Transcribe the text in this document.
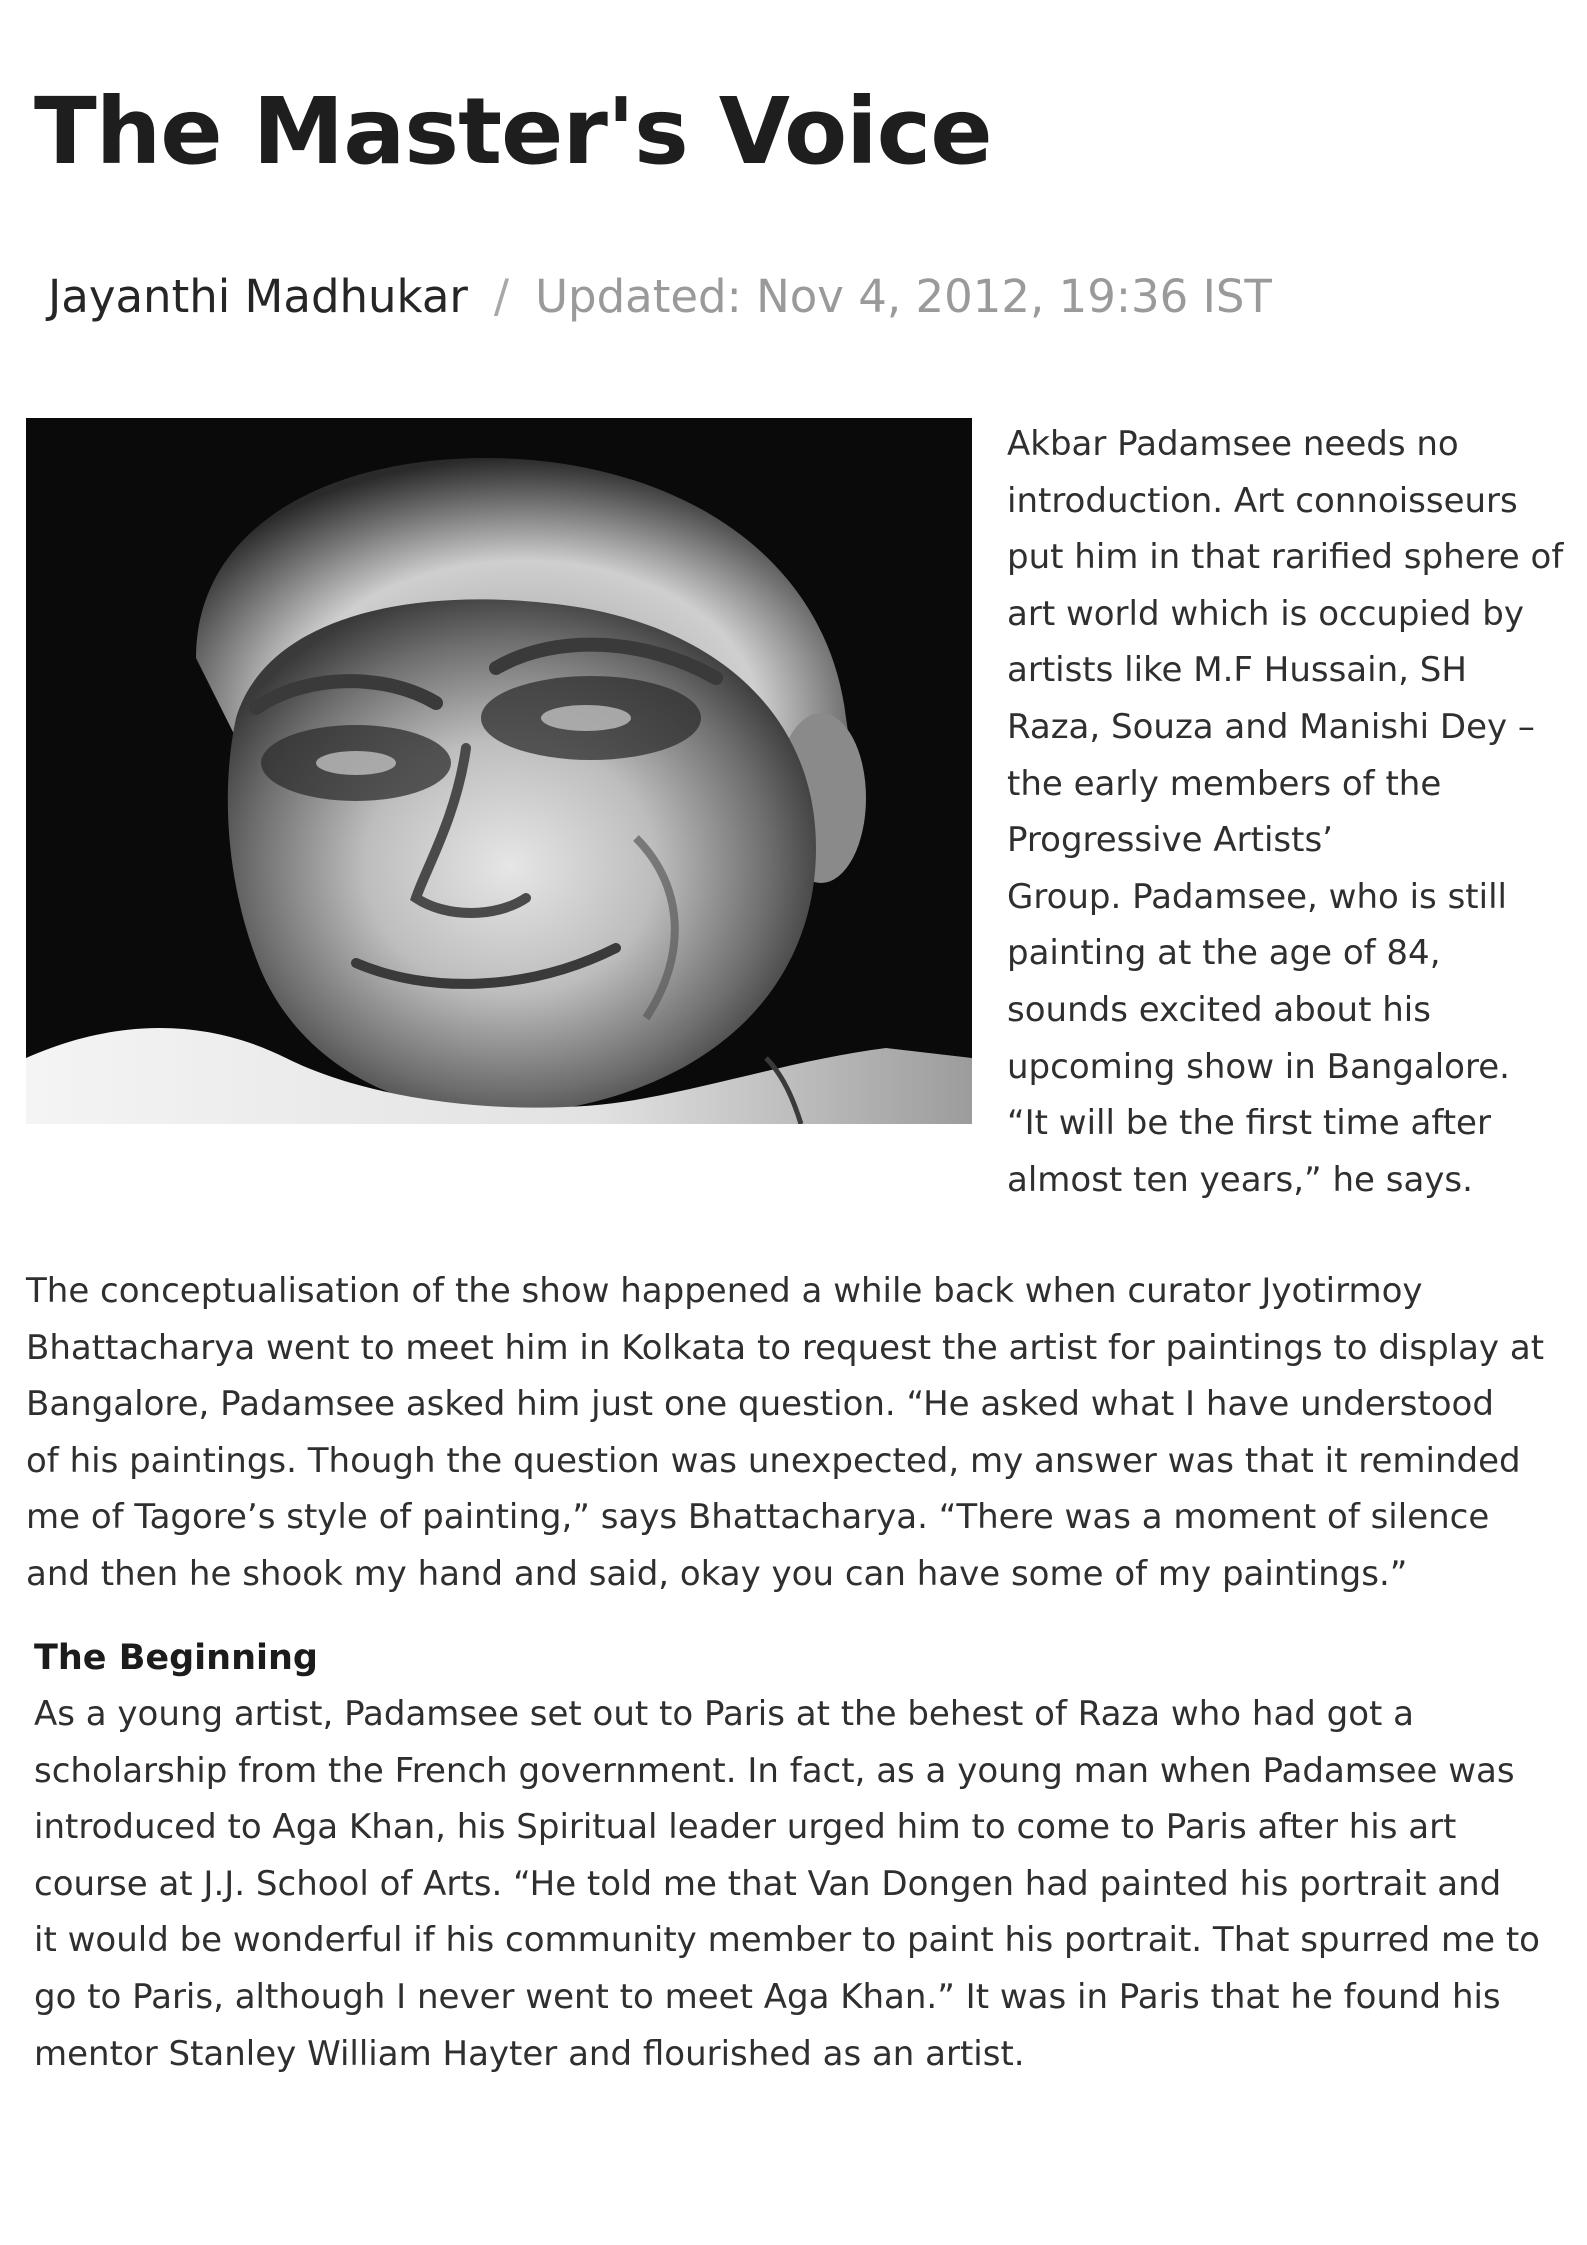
The Master's Voice
Jayanthi Madhukar / Updated: Nov 4, 2012, 19:36 IST

Akbar Padamsee needs no
introduction. Art connoisseurs
put him in that rarified sphere of
art world which is occupied by
artists like M.F Hussain, SH
Raza, Souza and Manishi Dey –
the early members of the
Progressive Artists’
Group. Padamsee, who is still
painting at the age of 84,
sounds excited about his
upcoming show in Bangalore.
“It will be the first time after
almost ten years,” he says.

The conceptualisation of the show happened a while back when curator Jyotirmoy
Bhattacharya went to meet him in Kolkata to request the artist for paintings to display at
Bangalore, Padamsee asked him just one question. “He asked what I have understood
of his paintings. Though the question was unexpected, my answer was that it reminded
me of Tagore’s style of painting,” says Bhattacharya. “There was a moment of silence
and then he shook my hand and said, okay you can have some of my paintings.”

The Beginning

As a young artist, Padamsee set out to Paris at the behest of Raza who had got a
scholarship from the French government. In fact, as a young man when Padamsee was
introduced to Aga Khan, his Spiritual leader urged him to come to Paris after his art
course at J.J. School of Arts. “He told me that Van Dongen had painted his portrait and
it would be wonderful if his community member to paint his portrait. That spurred me to
go to Paris, although I never went to meet Aga Khan.” It was in Paris that he found his
mentor Stanley William Hayter and flourished as an artist.
